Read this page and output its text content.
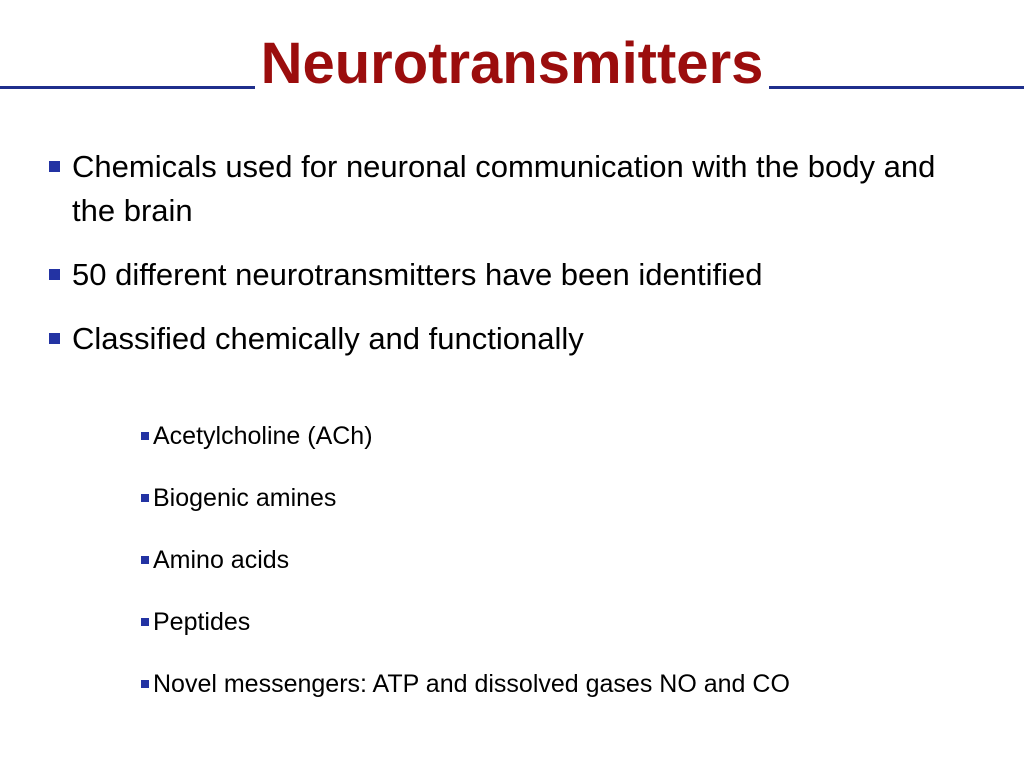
Neurotransmitters
Chemicals used for neuronal communication with the body and the brain
50 different neurotransmitters have been identified
Classified chemically and functionally
Acetylcholine (ACh)
Biogenic amines
Amino acids
Peptides
Novel messengers: ATP and dissolved gases NO and CO
